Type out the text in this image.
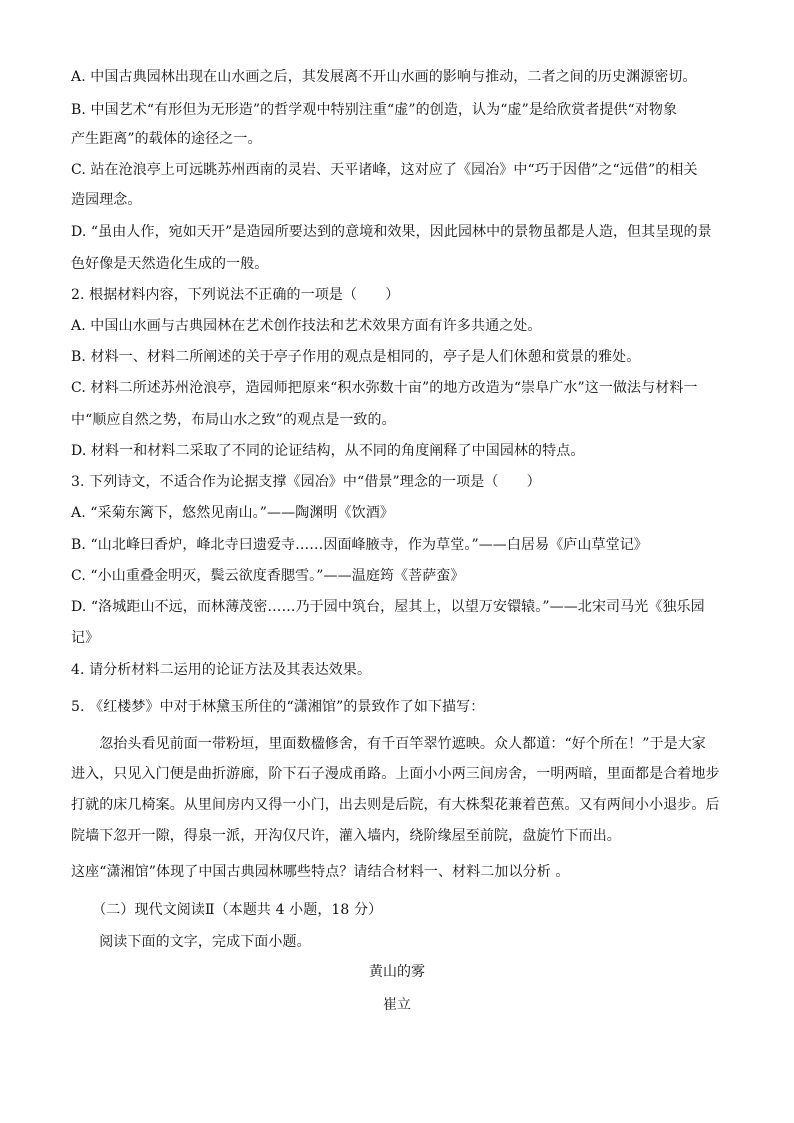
A. 中国古典园林出现在山水画之后，其发展离不开山水画的影响与推动，二者之间的历史渊源密切。
B. 中国艺术“有形但为无形造”的哲学观中特别注重“虚”的创造，认为“虚”是给欣赏者提供“对物象
产生距离”的载体的途径之一。
C. 站在沧浪亭上可远眺苏州西南的灵岩、天平诸峰，这对应了《园冶》中“巧于因借”之“远借”的相关
造园理念。
D. “虽由人作，宛如天开”是造园所要达到的意境和效果，因此园林中的景物虽都是人造，但其呈现的景
色好像是天然造化生成的一般。
2. 根据材料内容，下列说法不正确的一项是（　　）
A. 中国山水画与古典园林在艺术创作技法和艺术效果方面有许多共通之处。
B. 材料一、材料二所阐述的关于亭子作用的观点是相同的，亭子是人们休憩和赏景的雅处。
C. 材料二所述苏州沧浪亭，造园师把原来“积水弥数十亩”的地方改造为“崇阜广水”这一做法与材料一
中“顺应自然之势，布局山水之致”的观点是一致的。
D. 材料一和材料二采取了不同的论证结构，从不同的角度阐释了中国园林的特点。
3. 下列诗文，不适合作为论据支撑《园冶》中“借景”理念的一项是（　　）
A. “采菊东篱下，悠然见南山。”——陶渊明《饮酒》
B. “山北峰曰香炉，峰北寺曰遗爱寺……因面峰腋寺，作为草堂。”——白居易《庐山草堂记》
C. “小山重叠金明灭，鬓云欲度香腮雪。”——温庭筠《菩萨蛮》
D. “洛城距山不远，而林薄茂密……乃于园中筑台，屋其上，以望万安镮辕。”——北宋司马光《独乐园
记》
4. 请分析材料二运用的论证方法及其表达效果。
5. 《红楼梦》中对于林黛玉所住的“潇湘馆”的景致作了如下描写：
　　忽抬头看见前面一带粉垣，里面数楹修舍，有千百竿翠竹遮映。众人都道：“好个所在！”于是大家
进入，只见入门便是曲折游廊，阶下石子漫成甬路。上面小小两三间房舍，一明两暗，里面都是合着地步
打就的床几椅案。从里间房内又得一小门，出去则是后院，有大株梨花兼着芭蕉。又有两间小小退步。后
院墙下忽开一隙，得泉一派，开沟仅尺许，灌入墙内，绕阶缘屋至前院，盘旋竹下而出。
这座“潇湘馆”体现了中国古典园林哪些特点？请结合材料一、材料二加以分析 。
　　（二）现代文阅读Ⅱ（本题共 4 小题，18 分）
　　阅读下面的文字，完成下面小题。
黄山的雾
崔立
